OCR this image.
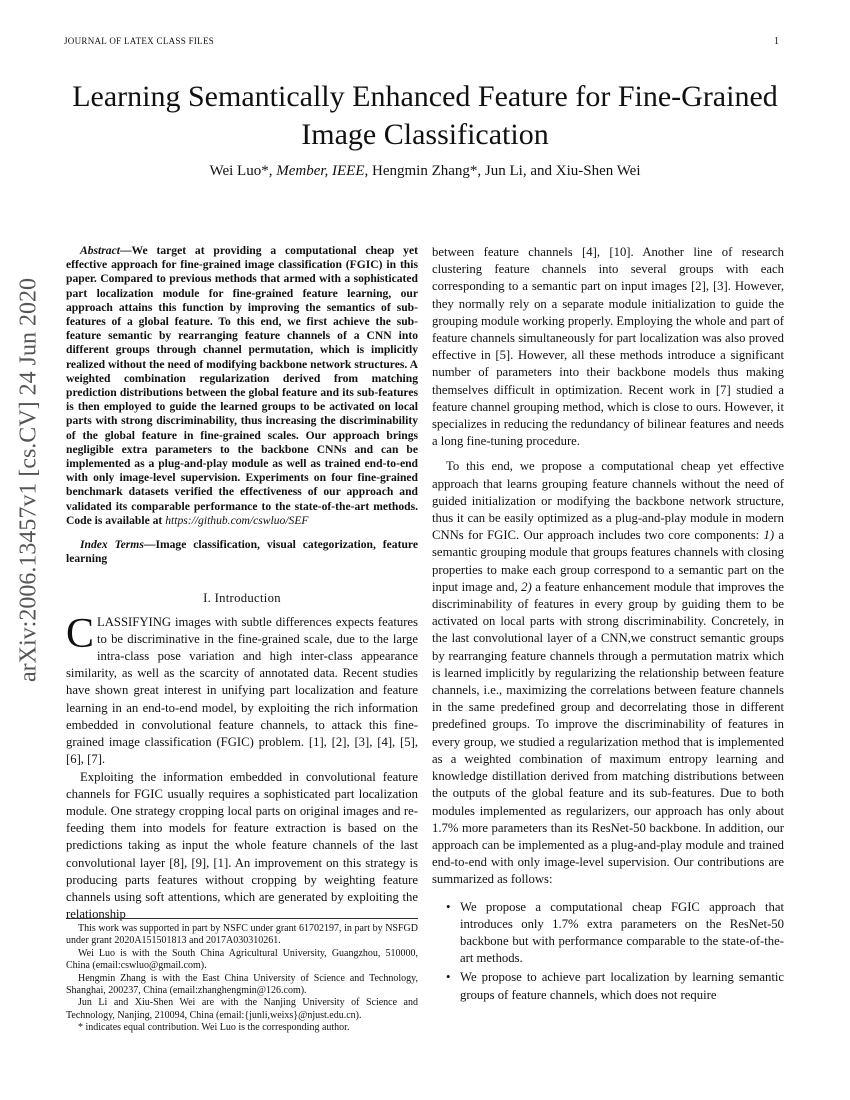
JOURNAL OF LATEX CLASS FILES	1
arXiv:2006.13457v1 [cs.CV] 24 Jun 2020
Learning Semantically Enhanced Feature for Fine-Grained Image Classification
Wei Luo*, Member, IEEE, Hengmin Zhang*, Jun Li, and Xiu-Shen Wei

Abstract—We target at providing a computational cheap yet effective approach for fine-grained image classification (FGIC) in this paper. Compared to previous methods that armed with a sophisticated part localization module for fine-grained feature learning, our approach attains this function by improving the semantics of sub-features of a global feature. To this end, we first achieve the sub-feature semantic by rearranging feature channels of a CNN into different groups through channel permutation, which is implicitly realized without the need of modifying backbone network structures. A weighted combination regularization derived from matching prediction distributions between the global feature and its sub-features is then employed to guide the learned groups to be activated on local parts with strong discriminability, thus increasing the discriminability of the global feature in fine-grained scales. Our approach brings negligible extra parameters to the backbone CNNs and can be implemented as a plug-and-play module as well as trained end-to-end with only image-level supervision. Experiments on four fine-grained benchmark datasets verified the effectiveness of our approach and validated its comparable performance to the state-of-the-art methods. Code is available at https://github.com/cswluo/SEF

Index Terms—Image classification, visual categorization, feature learning

I. Introduction

CLASSIFYING images with subtle differences expects features to be discriminative in the fine-grained scale, due to the large intra-class pose variation and high inter-class appearance similarity, as well as the scarcity of annotated data. Recent studies have shown great interest in unifying part localization and feature learning in an end-to-end model, by exploiting the rich information embedded in convolutional feature channels, to attack this fine-grained image classification (FGIC) problem. [1], [2], [3], [4], [5], [6], [7].

Exploiting the information embedded in convolutional feature channels for FGIC usually requires a sophisticated part localization module. One strategy cropping local parts on original images and re-feeding them into models for feature extraction is based on the predictions taking as input the whole feature channels of the last convolutional layer [8], [9], [1]. An improvement on this strategy is producing parts features without cropping by weighting feature channels using soft attentions, which are generated by exploiting the relationship

This work was supported in part by NSFC under grant 61702197, in part by NSFGD under grant 2020A151501813 and 2017A030310261.

Wei Luo is with the South China Agricultural University, Guangzhou, 510000, China (email:cswluo@gmail.com).

Hengmin Zhang is with the East China University of Science and Technology, Shanghai, 200237, China (email:zhanghengmin@126.com).

Jun Li and Xiu-Shen Wei are with the Nanjing University of Science and Technology, Nanjing, 210094, China (email:{junli,weixs}@njust.edu.cn).

* indicates equal contribution. Wei Luo is the corresponding author.

between feature channels [4], [10]. Another line of research clustering feature channels into several groups with each corresponding to a semantic part on input images [2], [3]. However, they normally rely on a separate module initialization to guide the grouping module working properly. Employing the whole and part of feature channels simultaneously for part localization was also proved effective in [5]. However, all these methods introduce a significant number of parameters into their backbone models thus making themselves difficult in optimization. Recent work in [7] studied a feature channel grouping method, which is close to ours. However, it specializes in reducing the redundancy of bilinear features and needs a long fine-tuning procedure.

To this end, we propose a computational cheap yet effective approach that learns grouping feature channels without the need of guided initialization or modifying the backbone network structure, thus it can be easily optimized as a plug-and-play module in modern CNNs for FGIC. Our approach includes two core components: 1) a semantic grouping module that groups features channels with closing properties to make each group correspond to a semantic part on the input image and, 2) a feature enhancement module that improves the discriminability of features in every group by guiding them to be activated on local parts with strong discriminability. Concretely, in the last convolutional layer of a CNN,we construct semantic groups by rearranging feature channels through a permutation matrix which is learned implicitly by regularizing the relationship between feature channels, i.e., maximizing the correlations between feature channels in the same predefined group and decorrelating those in different predefined groups. To improve the discriminability of features in every group, we studied a regularization method that is implemented as a weighted combination of maximum entropy learning and knowledge distillation derived from matching distributions between the outputs of the global feature and its sub-features. Due to both modules implemented as regularizers, our approach has only about 1.7% more parameters than its ResNet-50 backbone. In addition, our approach can be implemented as a plug-and-play module and trained end-to-end with only image-level supervision. Our contributions are summarized as follows:

• We propose a computational cheap FGIC approach that introduces only 1.7% extra parameters on the ResNet-50 backbone but with performance comparable to the state-of-the-art methods.
• We propose to achieve part localization by learning semantic groups of feature channels, which does not require
